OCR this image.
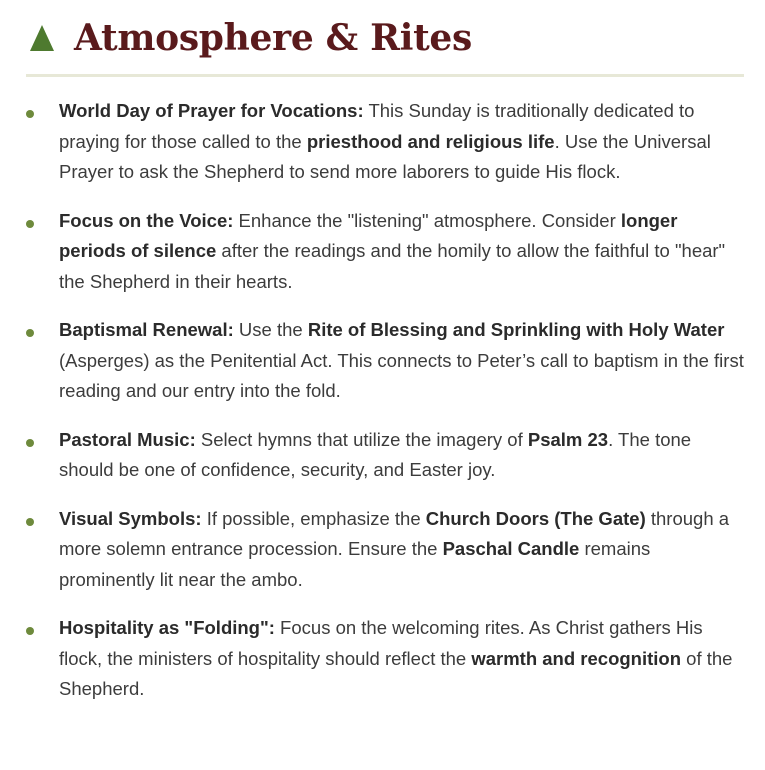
Atmosphere & Rites
World Day of Prayer for Vocations: This Sunday is traditionally dedicated to praying for those called to the priesthood and religious life. Use the Universal Prayer to ask the Shepherd to send more laborers to guide His flock.
Focus on the Voice: Enhance the "listening" atmosphere. Consider longer periods of silence after the readings and the homily to allow the faithful to "hear" the Shepherd in their hearts.
Baptismal Renewal: Use the Rite of Blessing and Sprinkling with Holy Water (Asperges) as the Penitential Act. This connects to Peter’s call to baptism in the first reading and our entry into the fold.
Pastoral Music: Select hymns that utilize the imagery of Psalm 23. The tone should be one of confidence, security, and Easter joy.
Visual Symbols: If possible, emphasize the Church Doors (The Gate) through a more solemn entrance procession. Ensure the Paschal Candle remains prominently lit near the ambo.
Hospitality as "Folding": Focus on the welcoming rites. As Christ gathers His flock, the ministers of hospitality should reflect the warmth and recognition of the Shepherd.
